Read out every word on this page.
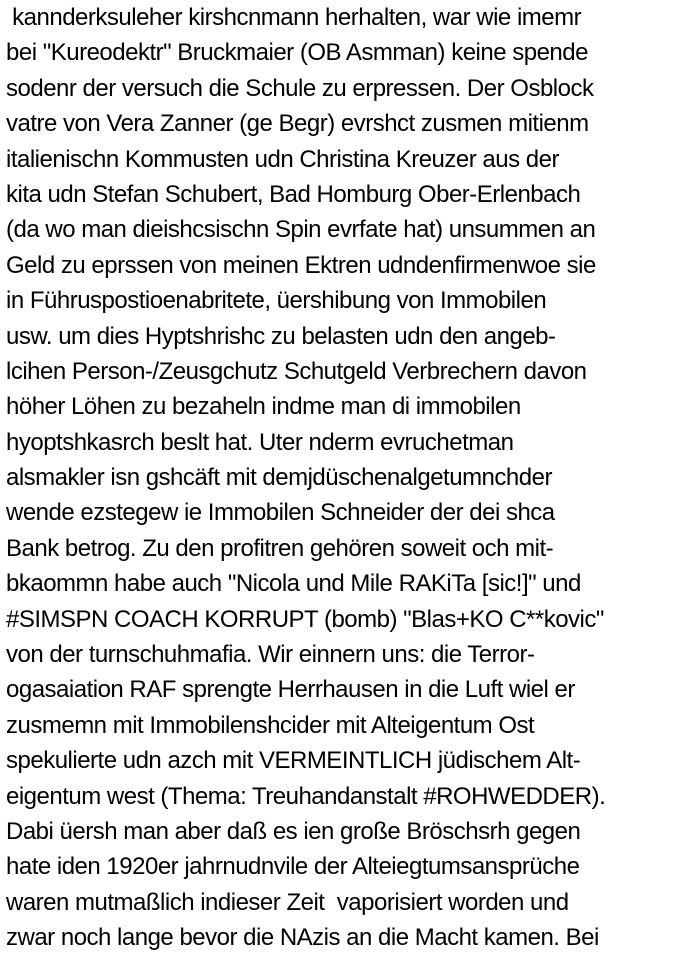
kannderksuleher kirshcnmann herhalten, war wie imemr
bei "Kureodektr" Bruckmaier (OB Asmman) keine spende
sodenr der versuch die Schule zu erpressen. Der Osblock
vatre von Vera Zanner (ge Begr) evrshct zusmen mitienm
italienischn Kommusten udn Christina Kreuzer aus der
kita udn Stefan Schubert, Bad Homburg Ober-Erlenbach
(da wo man dieishcsischn Spin evrfate hat) unsummen an
Geld zu eprssen von meinen Ektren udndenfirmenwoe sie
in Führuspostioenabritete, üershibung von Immobilen
usw. um dies Hyptshrishc zu belasten udn den angeb-
lcihen Person-/Zeusgchutz Schutgeld Verbrechern davon
höher Löhen zu bezaheln indme man di immobilen
hyoptshkasrch beslt hat. Uter nderm evruchetman
alsmakler isn gshcäft mit demjdüschenalgetumnchder
wende ezstegew ie Immobilen Schneider der dei shca
Bank betrog. Zu den profitren gehören soweit och mit-
bkaommn habe auch "Nicola und Mile RAKiTa [sic!]" und
#SIMSPN COACH KORRUPT (bomb) "Blas+KO C**kovic"
von der turnschuhmafia. Wir einnern uns: die Terror-
ogasaiation RAF sprengte Herrhausen in die Luft wiel er
zusmemn mit Immobilenshcider mit Alteigentum Ost
spekulierte udn azch mit VERMEINTLICH jüdischem Alt-
eigentum west (Thema: Treuhandanstalt #ROHWEDDER).
Dabi üersh man aber daß es ien große Bröschsrh gegen
hate iden 1920er jahrnudnvile der Alteiegtumsansprüche
waren mutmaßlich indieser Zeit  vaporisiert worden und
zwar noch lange bevor die NAzis an die Macht kamen. Bei
